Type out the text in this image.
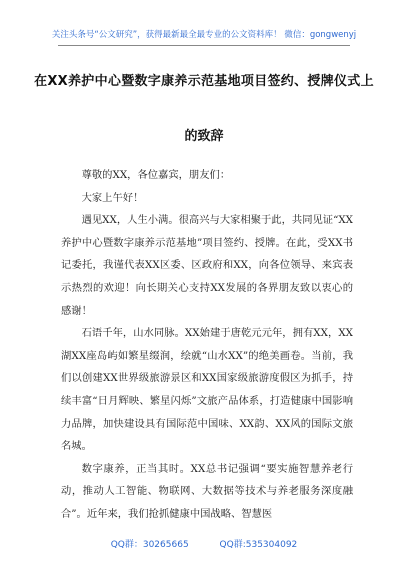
关注头条号“公文研究”，获得最新最全最专业的公文资料库！ 微信：gongwenyj
在XX养护中心暨数字康养示范基地项目签约、授牌仪式上
的致辞

尊敬的XX，各位嘉宾，朋友们：

大家上午好！

遇见XX，人生小满。很高兴与大家相聚于此，共同见证“XX养护中心暨数字康养示范基地”项目签约、授牌。在此，受XX书记委托，我谨代表XX区委、区政府和XX，向各位领导、来宾表示热烈的欢迎！向长期关心支持XX发展的各界朋友致以衷心的感谢！

石语千年，山水同脉。XX始建于唐乾元元年，拥有XX，XX湖XX座岛屿如繁星缀润，绘就“山水XX”的绝美画卷。当前，我们以创建XX世界级旅游景区和XX国家级旅游度假区为抓手，持续丰富“日月辉映、繁星闪烁”文旅产品体系，打造健康中国影响力品牌，加快建设具有国际范中国味、XX韵、XX风的国际文旅名城。

数字康养，正当其时。XX总书记强调“要实施智慧养老行动，推动人工智能、物联网、大数据等技术与养老服务深度融合”。近年来，我们抢抓健康中国战略、智慧医

QQ群：30265665	QQ群:535304092
